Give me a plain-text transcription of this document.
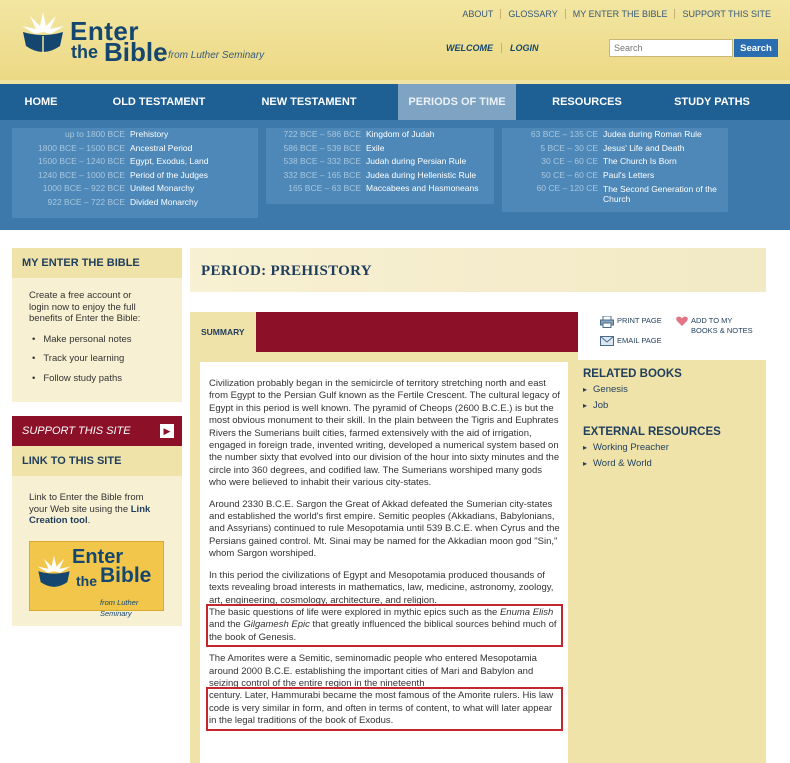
Enter
the Bible from Luther Seminary
ABOUT	GLOSSARY	MY ENTER THE BIBLE	SUPPORT THIS SITE
WELCOME	LOGIN
Search	Search
HOME	OLD TESTAMENT	NEW TESTAMENT	PERIODS OF TIME	RESOURCES	STUDY PATHS
up to 1800 BCE Prehistory
1800 BCE – 1500 BCE Ancestral Period
1500 BCE – 1240 BCE Egypt, Exodus, Land
1240 BCE – 1000 BCE Period of the Judges
1000 BCE – 922 BCE United Monarchy
922 BCE – 722 BCE Divided Monarchy
722 BCE – 586 BCE Kingdom of Judah
586 BCE – 539 BCE Exile
538 BCE – 332 BCE Judah during Persian Rule
332 BCE – 165 BCE Judea during Hellenistic Rule
165 BCE – 63 BCE Maccabees and Hasmoneans
63 BCE – 135 CE Judea during Roman Rule
5 BCE – 30 CE Jesus' Life and Death
30 CE – 60 CE The Church Is Born
50 CE – 60 CE Paul's Letters
60 CE – 120 CE The Second Generation of the Church
MY ENTER THE BIBLE
Create a free account or login now to enjoy the full benefits of Enter the Bible:
• Make personal notes
• Track your learning
• Follow study paths
SUPPORT THIS SITE	▶
LINK TO THIS SITE
Link to Enter the Bible from your Web site using the Link Creation tool.
Enter
the Bible
from Luther Seminary
PERIOD: PREHISTORY
SUMMARY

Civilization probably began in the semicircle of territory stretching north and east from Egypt to the Persian Gulf known as the Fertile Crescent. The cultural legacy of Egypt in this period is well known. The pyramid of Cheops (2600 B.C.E.) is but the most obvious monument to their skill. In the plain between the Tigris and Euphrates Rivers the Sumerians built cities, farmed extensively with the aid of irrigation, engaged in foreign trade, invented writing, developed a numerical system based on the number sixty that evolved into our division of the hour into sixty minutes and the circle into 360 degrees, and codified law. The Sumerians worshiped many gods who were believed to inhabit their various city-states.

Around 2330 B.C.E. Sargon the Great of Akkad defeated the Sumerian city-states and established the world's first empire. Semitic peoples (Akkadians, Babylonians, and Assyrians) continued to rule Mesopotamia until 539 B.C.E. when Cyrus and the Persians gained control. Mt. Sinai may be named for the Akkadian moon god "Sin," whom Sargon worshiped.

In this period the civilizations of Egypt and Mesopotamia produced thousands of texts revealing broad interests in mathematics, law, medicine, astronomy, zoology, art, engineering, cosmology, architecture, and religion.
The basic questions of life were explored in mythic epics such as the Enuma Elish and the Gilgamesh Epic that greatly influenced the biblical sources behind much of the book of Genesis.

The Amorites were a Semitic, seminomadic people who entered Mesopotamia around 2000 B.C.E. establishing the important cities of Mari and Babylon and seizing control of the entire region in the nineteenth
century. Later, Hammurabi became the most famous of the Amorite rulers. His law code is very similar in form, and often in terms of content, to what will later appear in the legal traditions of the book of Exodus.

PRINT PAGE
EMAIL PAGE
ADD TO MY BOOKS & NOTES
RELATED BOOKS
▸ Genesis
▸ Job
EXTERNAL RESOURCES
▸ Working Preacher
▸ Word & World
